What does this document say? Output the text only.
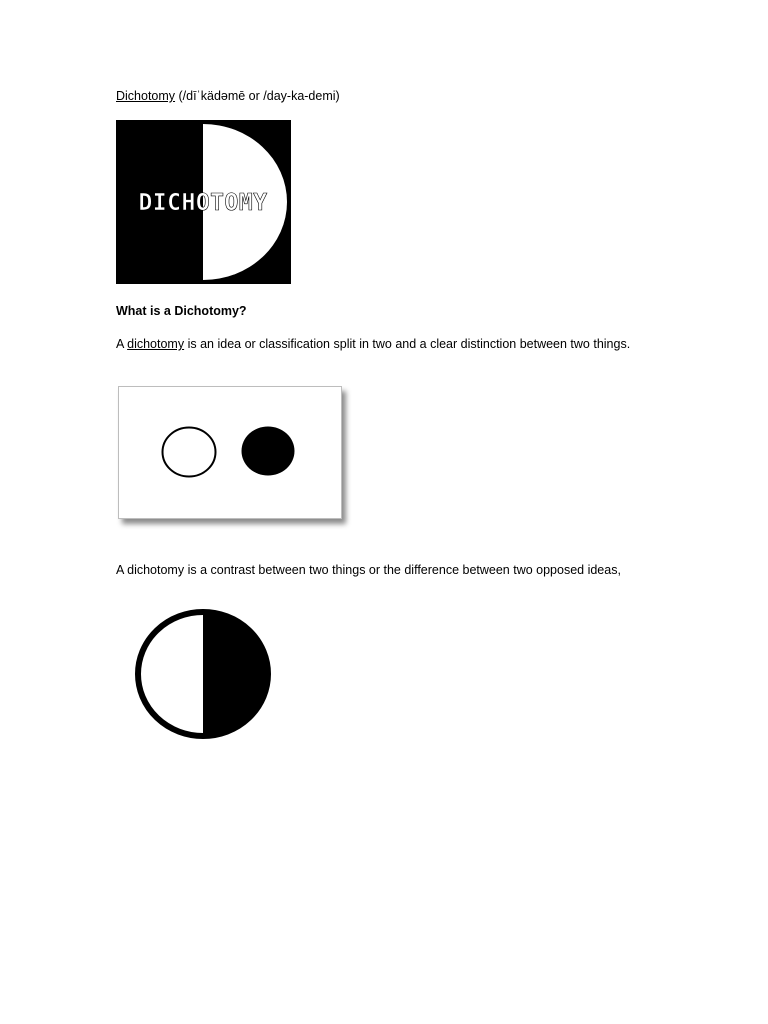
Dichotomy (/dīˈkädəmē or /day-ka-demi)
DICHOTOMY
What is a Dichotomy?
A dichotomy is an idea or classification split in two and a clear distinction between two things.
A dichotomy is a contrast between two things or the difference between two opposed ideas,
